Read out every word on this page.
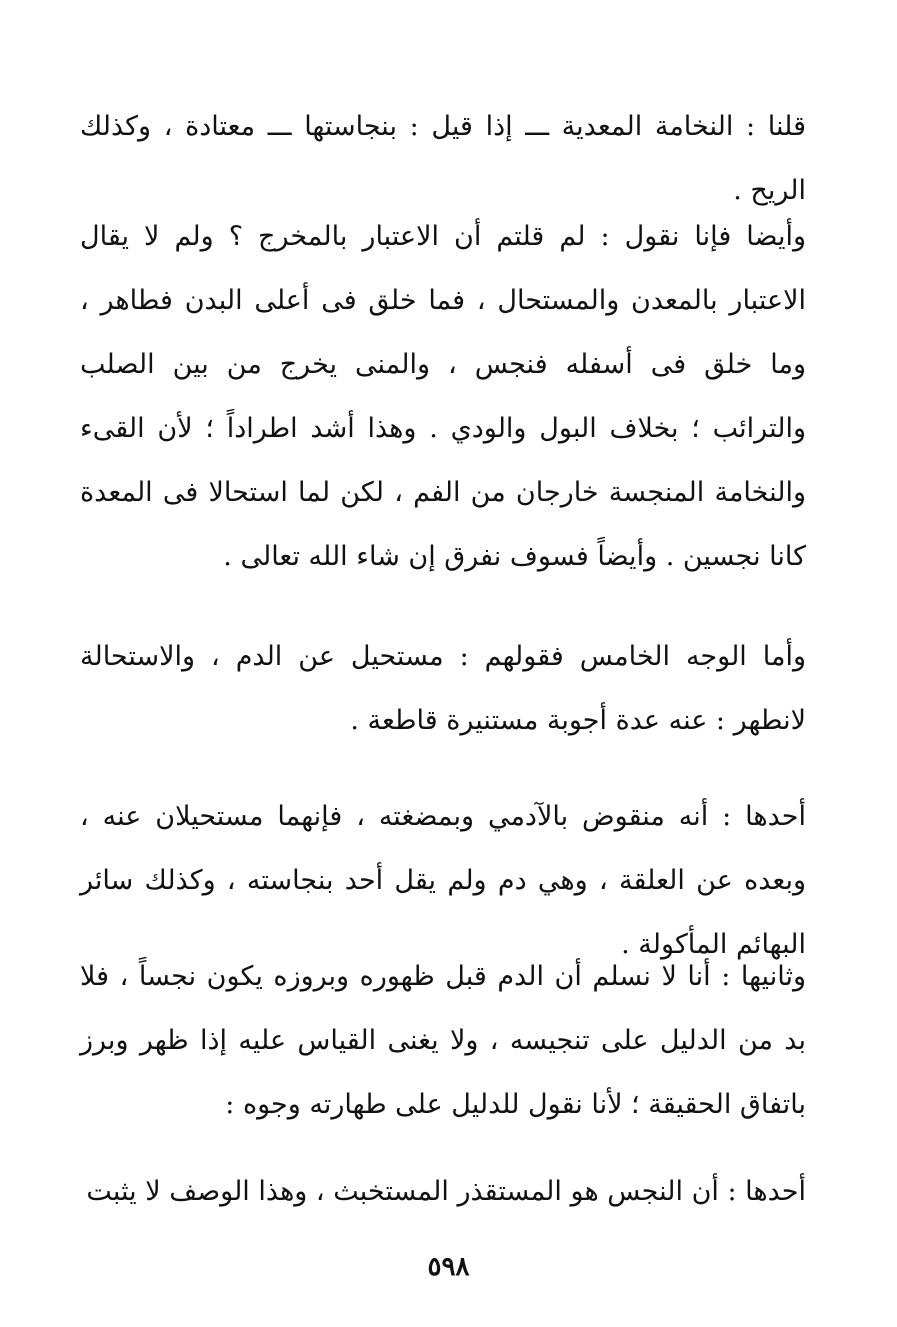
قلنا : النخامة المعدية ـــ إذا قيل : بنجاستها ـــ معتادة ، وكذلك الريح .

وأيضا فإنا نقول : لم قلتم أن الاعتبار بالمخرج ؟ ولم لا يقال الاعتبار بالمعدن والمستحال ، فما خلق فى أعلى البدن فطاهر ، وما خلق فى أسفله فنجس ، والمنى يخرج من بين الصلب والترائب ؛ بخلاف البول والودي . وهذا أشد اطراداً ؛ لأن القىء والنخامة المنجسة خارجان من الفم ، لكن لما استحالا فى المعدة كانا نجسين . وأيضاً فسوف نفرق إن شاء الله تعالى .

وأما الوجه الخامس فقولهم : مستحيل عن الدم ، والاستحالة لانطهر : عنه عدة أجوبة مستنيرة قاطعة .

أحدها : أنه منقوض بالآدمي وبمضغته ، فإنهما مستحيلان عنه ، وبعده عن العلقة ، وهي دم ولم يقل أحد بنجاسته ، وكذلك سائر البهائم المأكولة .

وثانيها : أنا لا نسلم أن الدم قبل ظهوره وبروزه يكون نجساً ، فلا بد من الدليل على تنجيسه ، ولا يغنى القياس عليه إذا ظهر وبرز باتفاق الحقيقة ؛ لأنا نقول للدليل على طهارته وجوه :

أحدها : أن النجس هو المستقذر المستخبث ، وهذا الوصف لا يثبت

٥٩٨
